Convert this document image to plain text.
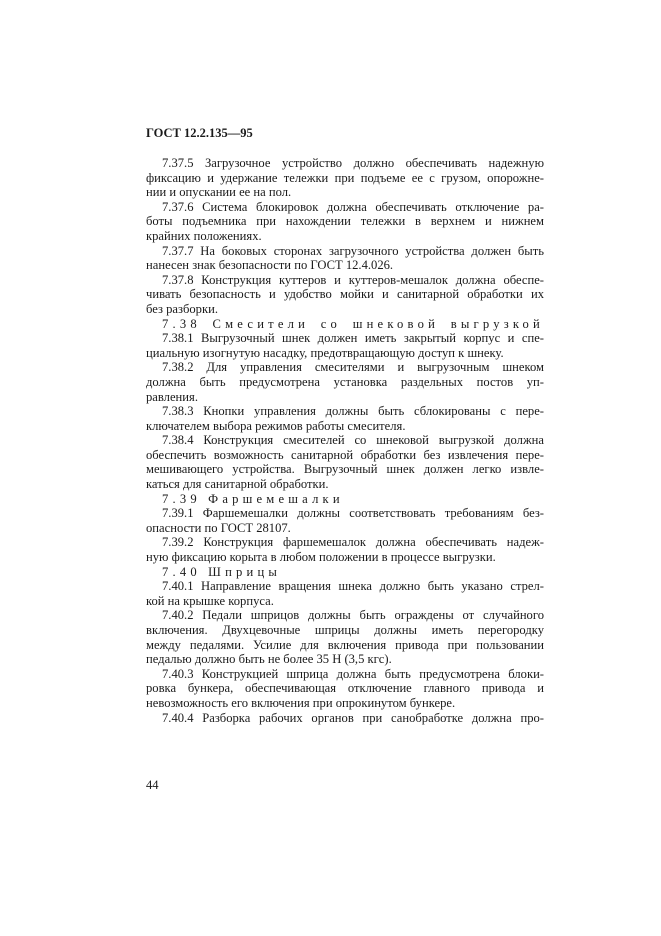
ГОСТ 12.2.135—95
7.37.5 Загрузочное устройство должно обеспечивать надежную
фиксацию и удержание тележки при подъеме ее с грузом, опорожне-
нии и опускании ее на пол.
7.37.6 Система блокировок должна обеспечивать отключение ра-
боты подъемника при нахождении тележки в верхнем и нижнем
крайних положениях.
7.37.7 На боковых сторонах загрузочного устройства должен быть
нанесен знак безопасности по ГОСТ 12.4.026.
7.37.8 Конструкция куттеров и куттеров-мешалок должна обеспе-
чивать безопасность и удобство мойки и санитарной обработки их
без разборки.
7.38 Смесители со шнековой выгрузкой
7.38.1 Выгрузочный шнек должен иметь закрытый корпус и спе-
циальную изогнутую насадку, предотвращающую доступ к шнеку.
7.38.2 Для управления смесителями и выгрузочным шнеком
должна быть предусмотрена установка раздельных постов уп-
равления.
7.38.3 Кнопки управления должны быть сблокированы с пере-
ключателем выбора режимов работы смесителя.
7.38.4 Конструкция смесителей со шнековой выгрузкой должна
обеспечить возможность санитарной обработки без извлечения пере-
мешивающего устройства. Выгрузочный шнек должен легко извле-
каться для санитарной обработки.
7.39 Фаршемешалки
7.39.1 Фаршемешалки должны соответствовать требованиям без-
опасности по ГОСТ 28107.
7.39.2 Конструкция фаршемешалок должна обеспечивать надеж-
ную фиксацию корыта в любом положении в процессе выгрузки.
7.40 Шприцы
7.40.1 Направление вращения шнека должно быть указано стрел-
кой на крышке корпуса.
7.40.2 Педали шприцов должны быть ограждены от случайного
включения. Двухцевочные шприцы должны иметь перегородку
между педалями. Усилие для включения привода при пользовании
педалью должно быть не более 35 Н (3,5 кгс).
7.40.3 Конструкцией шприца должна быть предусмотрена блоки-
ровка бункера, обеспечивающая отключение главного привода и
невозможность его включения при опрокинутом бункере.
7.40.4 Разборка рабочих органов при санобработке должна про-
44
